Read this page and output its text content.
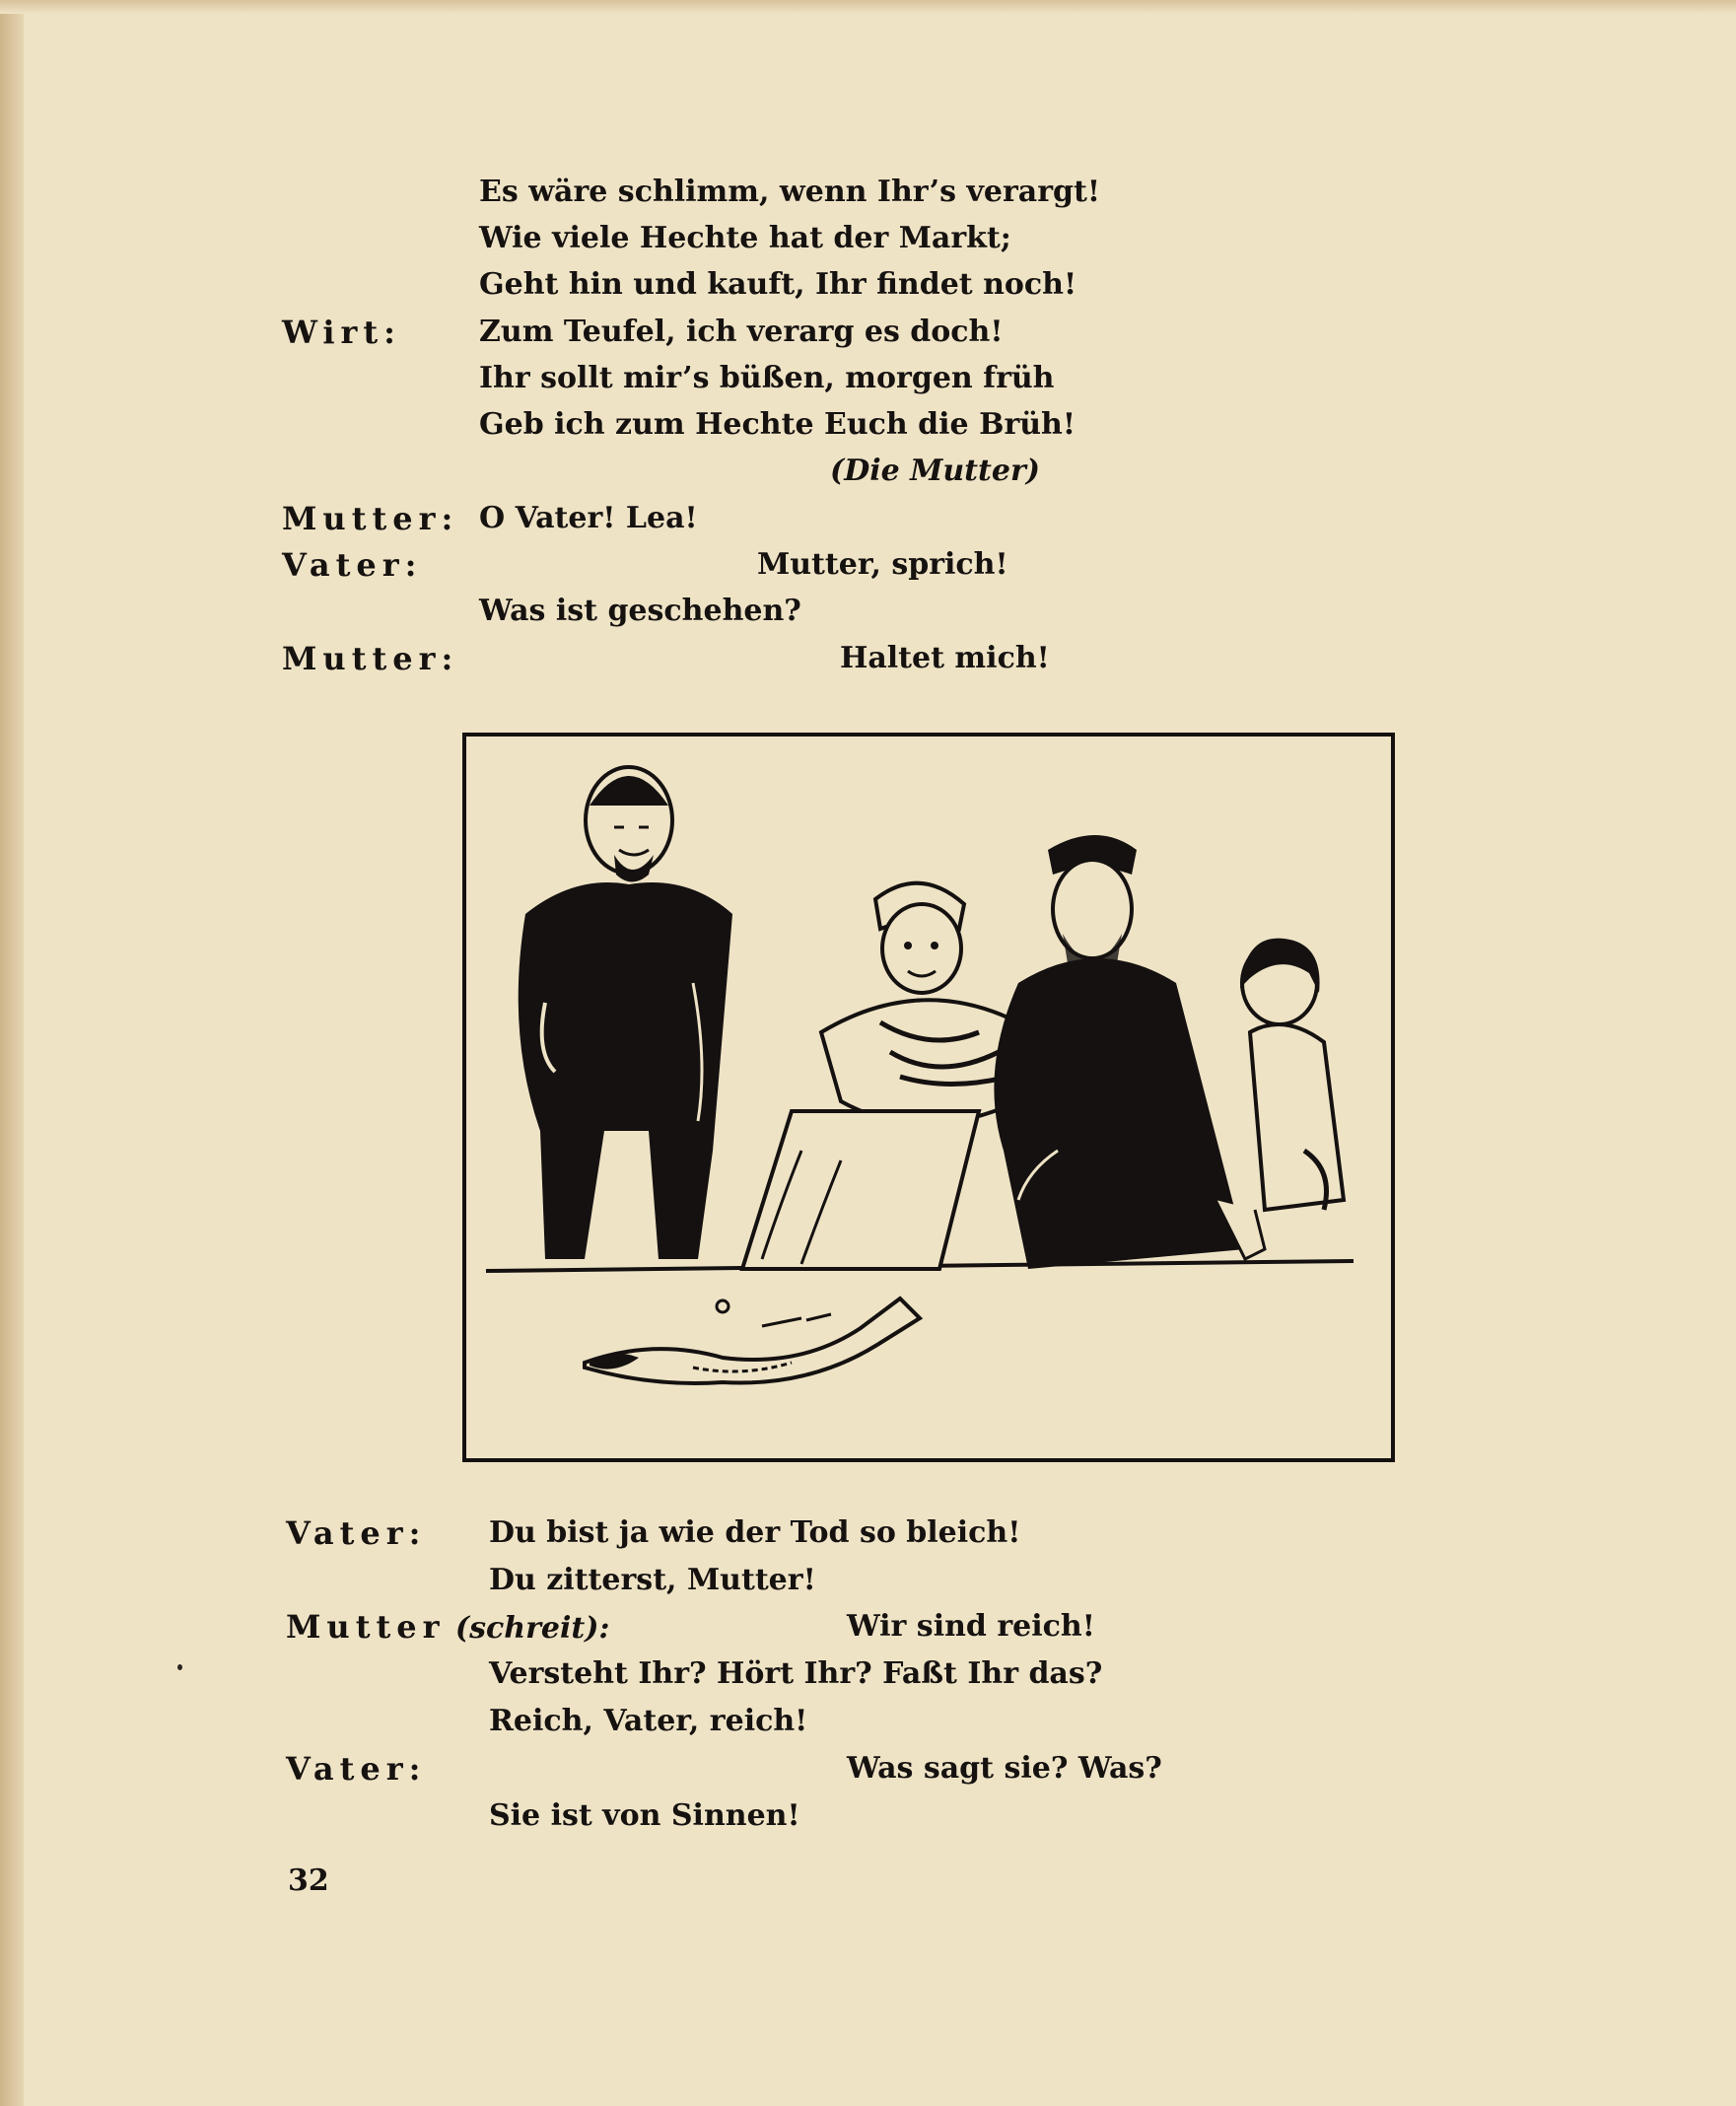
Es wäre schlimm, wenn Ihr’s verargt!
Wie viele Hechte hat der Markt;
Geht hin und kauft, Ihr findet noch!
Wirt:	Zum Teufel, ich verarg es doch!
Ihr sollt mir’s büßen, morgen früh
Geb ich zum Hechte Euch die Brüh!
(Die Mutter)
Mutter: O Vater! Lea!
Vater:	Mutter, sprich!
Was ist geschehen?
Mutter:	Haltet mich!
Vater: Du bist ja wie der Tod so bleich!
Du zitterst, Mutter!
Mutter (schreit):	Wir sind reich!
Versteht Ihr? Hört Ihr? Faßt Ihr das?
Reich, Vater, reich!
Vater:	Was sagt sie? Was?
Sie ist von Sinnen!
32
